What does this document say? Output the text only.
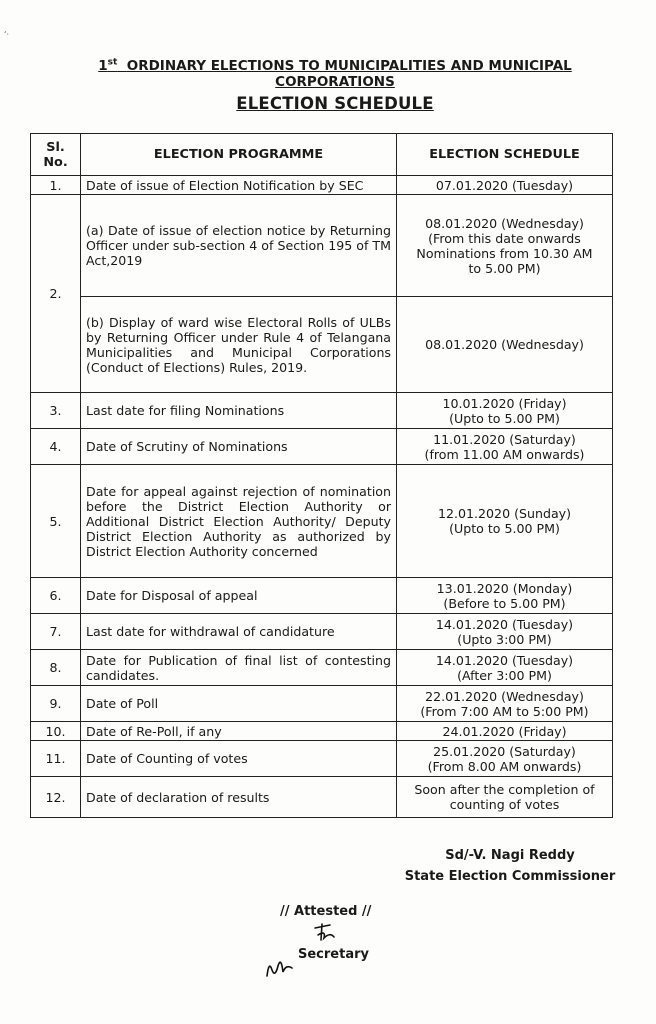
‘·
1st ORDINARY ELECTIONS TO MUNICIPALITIES AND MUNICIPAL
CORPORATIONS
ELECTION SCHEDULE
Sl.
No.	ELECTION PROGRAMME	ELECTION SCHEDULE
1.	Date of issue of Election Notification by SEC	07.01.2020 (Tuesday)

2.	(a) Date of issue of election notice by Returning Officer under sub-section 4 of Section 195 of TM Act,2019	08.01.2020 (Wednesday)
(From this date onwards
Nominations from 10.30 AM
to 5.00 PM)

	(b) Display of ward wise Electoral Rolls of ULBs by Returning Officer under Rule 4 of Telangana Municipalities and Municipal Corporations (Conduct of Elections) Rules, 2019.	08.01.2020 (Wednesday)

3.	Last date for filing Nominations	10.01.2020 (Friday)
(Upto to 5.00 PM)

4.	Date of Scrutiny of Nominations	11.01.2020 (Saturday)
(from 11.00 AM onwards)

5.	Date for appeal against rejection of nomination before the District Election Authority or Additional District Election Authority/ Deputy District Election Authority as authorized by District Election Authority concerned	12.01.2020 (Sunday)
(Upto to 5.00 PM)

6.	Date for Disposal of appeal	13.01.2020 (Monday)
(Before to 5.00 PM)

7.	Last date for withdrawal of candidature	14.01.2020 (Tuesday)
(Upto 3:00 PM)

8.	Date for Publication of final list of contesting candidates.	14.01.2020 (Tuesday)
(After 3:00 PM)

9.	Date of Poll	22.01.2020 (Wednesday)
(From 7:00 AM to 5:00 PM)

10.	Date of Re-Poll, if any	24.01.2020 (Friday)

11.	Date of Counting of votes	25.01.2020 (Saturday)
(From 8.00 AM onwards)

12.	Date of declaration of results	Soon after the completion of
counting of votes
Sd/-V. Nagi Reddy
State Election Commissioner
// Attested //
Secretary
